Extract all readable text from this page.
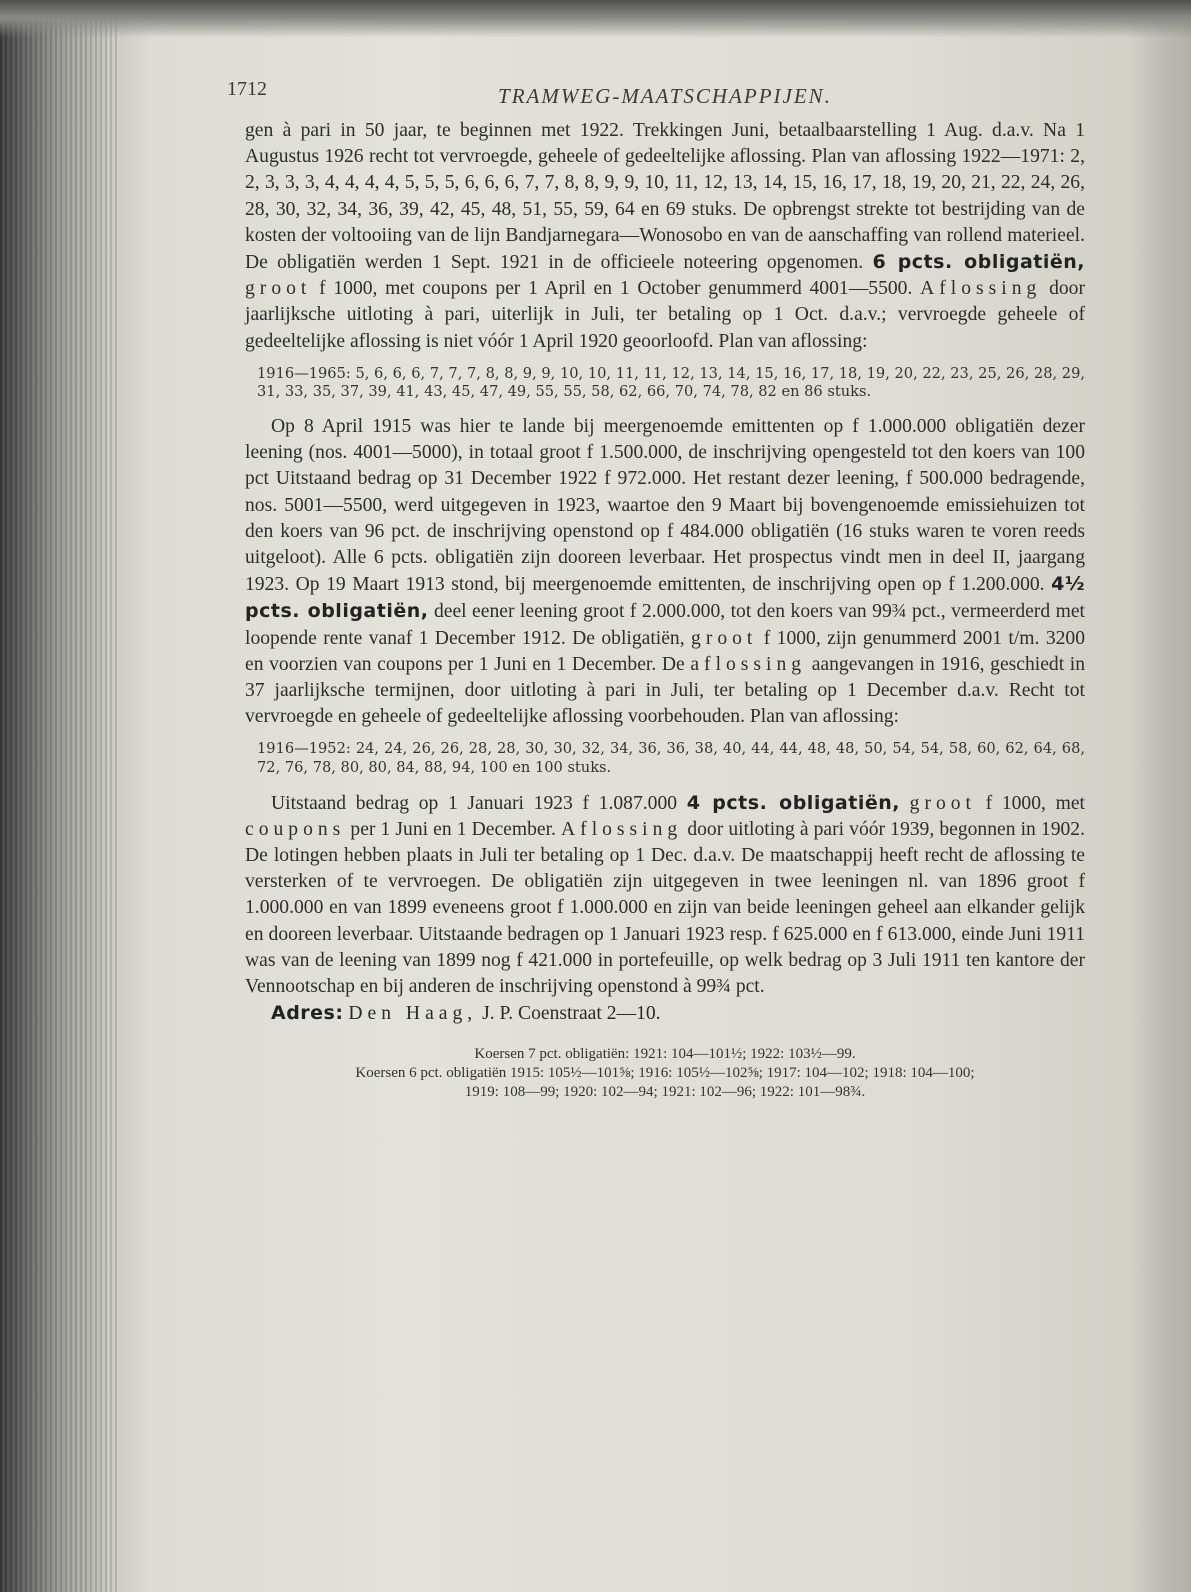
1712	TRAMWEG-MAATSCHAPPIJEN.

gen à pari in 50 jaar, te beginnen met 1922. Trekkingen Juni, betaalbaarstelling 1 Aug. d.a.v. Na 1 Augustus 1926 recht tot vervroegde, geheele of gedeeltelijke aflossing. Plan van aflossing 1922—1971: 2, 2, 3, 3, 3, 4, 4, 4, 4, 5, 5, 5, 6, 6, 6, 7, 7, 8, 8, 9, 9, 10, 11, 12, 13, 14, 15, 16, 17, 18, 19, 20, 21, 22, 24, 26, 28, 30, 32, 34, 36, 39, 42, 45, 48, 51, 55, 59, 64 en 69 stuks. De opbrengst strekte tot bestrijding van de kosten der voltooiing van de lijn Bandjarnegara—Wonosobo en van de aanschaffing van rollend materieel. De obligatiën werden 1 Sept. 1921 in de officieele noteering opgenomen. 6 pcts. obligatiën, groot f 1000, met coupons per 1 April en 1 October genummerd 4001—5500. Aflossing door jaarlijksche uitloting à pari, uiterlijk in Juli, ter betaling op 1 Oct. d.a.v.; vervroegde geheele of gedeeltelijke aflossing is niet vóór 1 April 1920 geoorloofd. Plan van aflossing:

1916—1965: 5, 6, 6, 6, 7, 7, 7, 8, 8, 9, 9, 10, 10, 11, 11, 12, 13, 14, 15, 16, 17, 18, 19, 20, 22, 23, 25, 26, 28, 29, 31, 33, 35, 37, 39, 41, 43, 45, 47, 49, 55, 55, 58, 62, 66, 70, 74, 78, 82 en 86 stuks.

Op 8 April 1915 was hier te lande bij meergenoemde emittenten op f 1.000.000 obligatiën dezer leening (nos. 4001—5000), in totaal groot f 1.500.000, de inschrijving opengesteld tot den koers van 100 pct Uitstaand bedrag op 31 December 1922 f 972.000. Het restant dezer leening, f 500.000 bedragende, nos. 5001—5500, werd uitgegeven in 1923, waartoe den 9 Maart bij bovengenoemde emissiehuizen tot den koers van 96 pct. de inschrijving openstond op f 484.000 obligatiën (16 stuks waren te voren reeds uitgeloot). Alle 6 pcts. obligatiën zijn dooreen leverbaar. Het prospectus vindt men in deel II, jaargang 1923. Op 19 Maart 1913 stond, bij meergenoemde emittenten, de inschrijving open op f 1.200.000. 4½ pcts. obligatiën, deel eener leening groot f 2.000.000, tot den koers van 99¾ pct., vermeerderd met loopende rente vanaf 1 December 1912. De obligatiën, groot f 1000, zijn genummerd 2001 t/m. 3200 en voorzien van coupons per 1 Juni en 1 December. De aflossing aangevangen in 1916, geschiedt in 37 jaarlijksche termijnen, door uitloting à pari in Juli, ter betaling op 1 December d.a.v. Recht tot vervroegde en geheele of gedeeltelijke aflossing voorbehouden. Plan van aflossing:

1916—1952: 24, 24, 26, 26, 28, 28, 30, 30, 32, 34, 36, 36, 38, 40, 44, 44, 48, 48, 50, 54, 54, 58, 60, 62, 64, 68, 72, 76, 78, 80, 80, 84, 88, 94, 100 en 100 stuks.

Uitstaand bedrag op 1 Januari 1923 f 1.087.000 4 pcts. obligatiën, groot f 1000, met coupons per 1 Juni en 1 December. Aflossing door uitloting à pari vóór 1939, begonnen in 1902. De lotingen hebben plaats in Juli ter betaling op 1 Dec. d.a.v. De maatschappij heeft recht de aflossing te versterken of te vervroegen. De obligatiën zijn uitgegeven in twee leeningen nl. van 1896 groot f 1.000.000 en van 1899 eveneens groot f 1.000.000 en zijn van beide leeningen geheel aan elkander gelijk en dooreen leverbaar. Uitstaande bedragen op 1 Januari 1923 resp. f 625.000 en f 613.000, einde Juni 1911 was van de leening van 1899 nog f 421.000 in portefeuille, op welk bedrag op 3 Juli 1911 ten kantore der Vennootschap en bij anderen de inschrijving openstond à 99¾ pct.

Adres: Den Haag, J. P. Coenstraat 2—10.
Koersen 7 pct. obligatiën: 1921: 104—101½; 1922: 103½—99.
Koersen 6 pct. obligatiën 1915: 105½—101⅝; 1916: 105½—102⅝; 1917: 104—102; 1918: 104—100;
1919: 108—99; 1920: 102—94; 1921: 102—96; 1922: 101—98¾.
